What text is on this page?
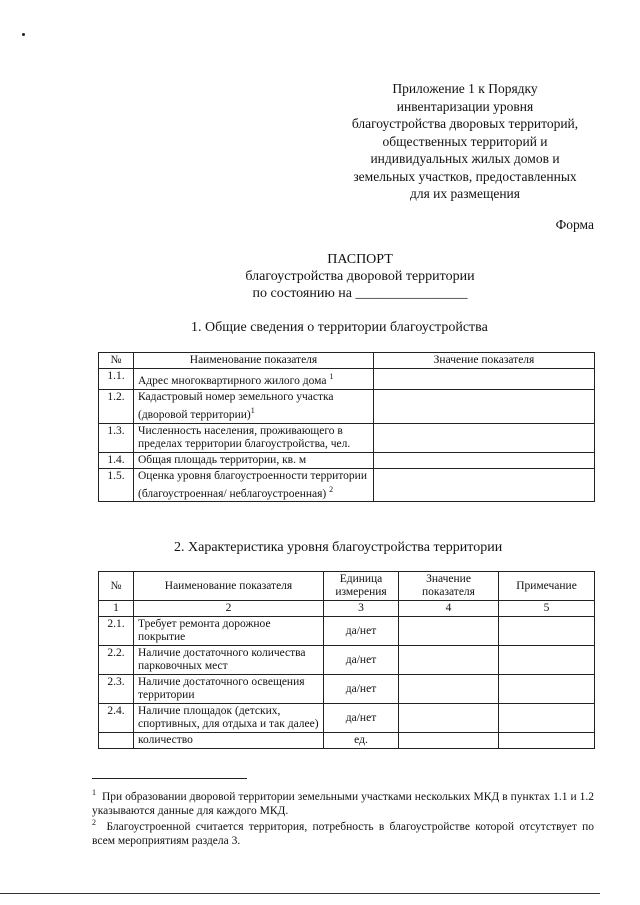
Приложение 1 к Порядку
инвентаризации уровня
благоустройства дворовых территорий,
общественных территорий и
индивидуальных жилых домов и
земельных участков, предоставленных
для их размещения
Форма
ПАСПОРТ
благоустройства дворовой территории
по состоянию на ________________
1. Общие сведения о территории благоустройства
№	Наименование показателя	Значение показателя
1.1.	Адрес многоквартирного жилого дома $^1$	
1.2.	Кадастровый номер земельного участка (дворовой территории)$^1$	
1.3.	Численность населения, проживающего в пределах территории благоустройства, чел.	
1.4.	Общая площадь территории, кв. м	
1.5.	Оценка уровня благоустроенности территории (благоустроенная/ неблагоустроенная) $^2$	
2. Характеристика уровня благоустройства территории
№	Наименование показателя	Единица измерения	Значение показателя	Примечание
1	2	3	4	5
2.1.	Требует ремонта дорожное покрытие	да/нет		
2.2.	Наличие достаточного количества парковочных мест	да/нет		
2.3.	Наличие достаточного освещения территории	да/нет		
2.4.	Наличие площадок (детских, спортивных, для отдыха и так далее)	да/нет		
	количество	ед.		
$^1$ При образовании дворовой территории земельными участками нескольких МКД в пунктах 1.1 и 1.2 указываются данные для каждого МКД.
$^2$ Благоустроенной считается территория, потребность в благоустройстве которой отсутствует по всем мероприятиям раздела 3.
